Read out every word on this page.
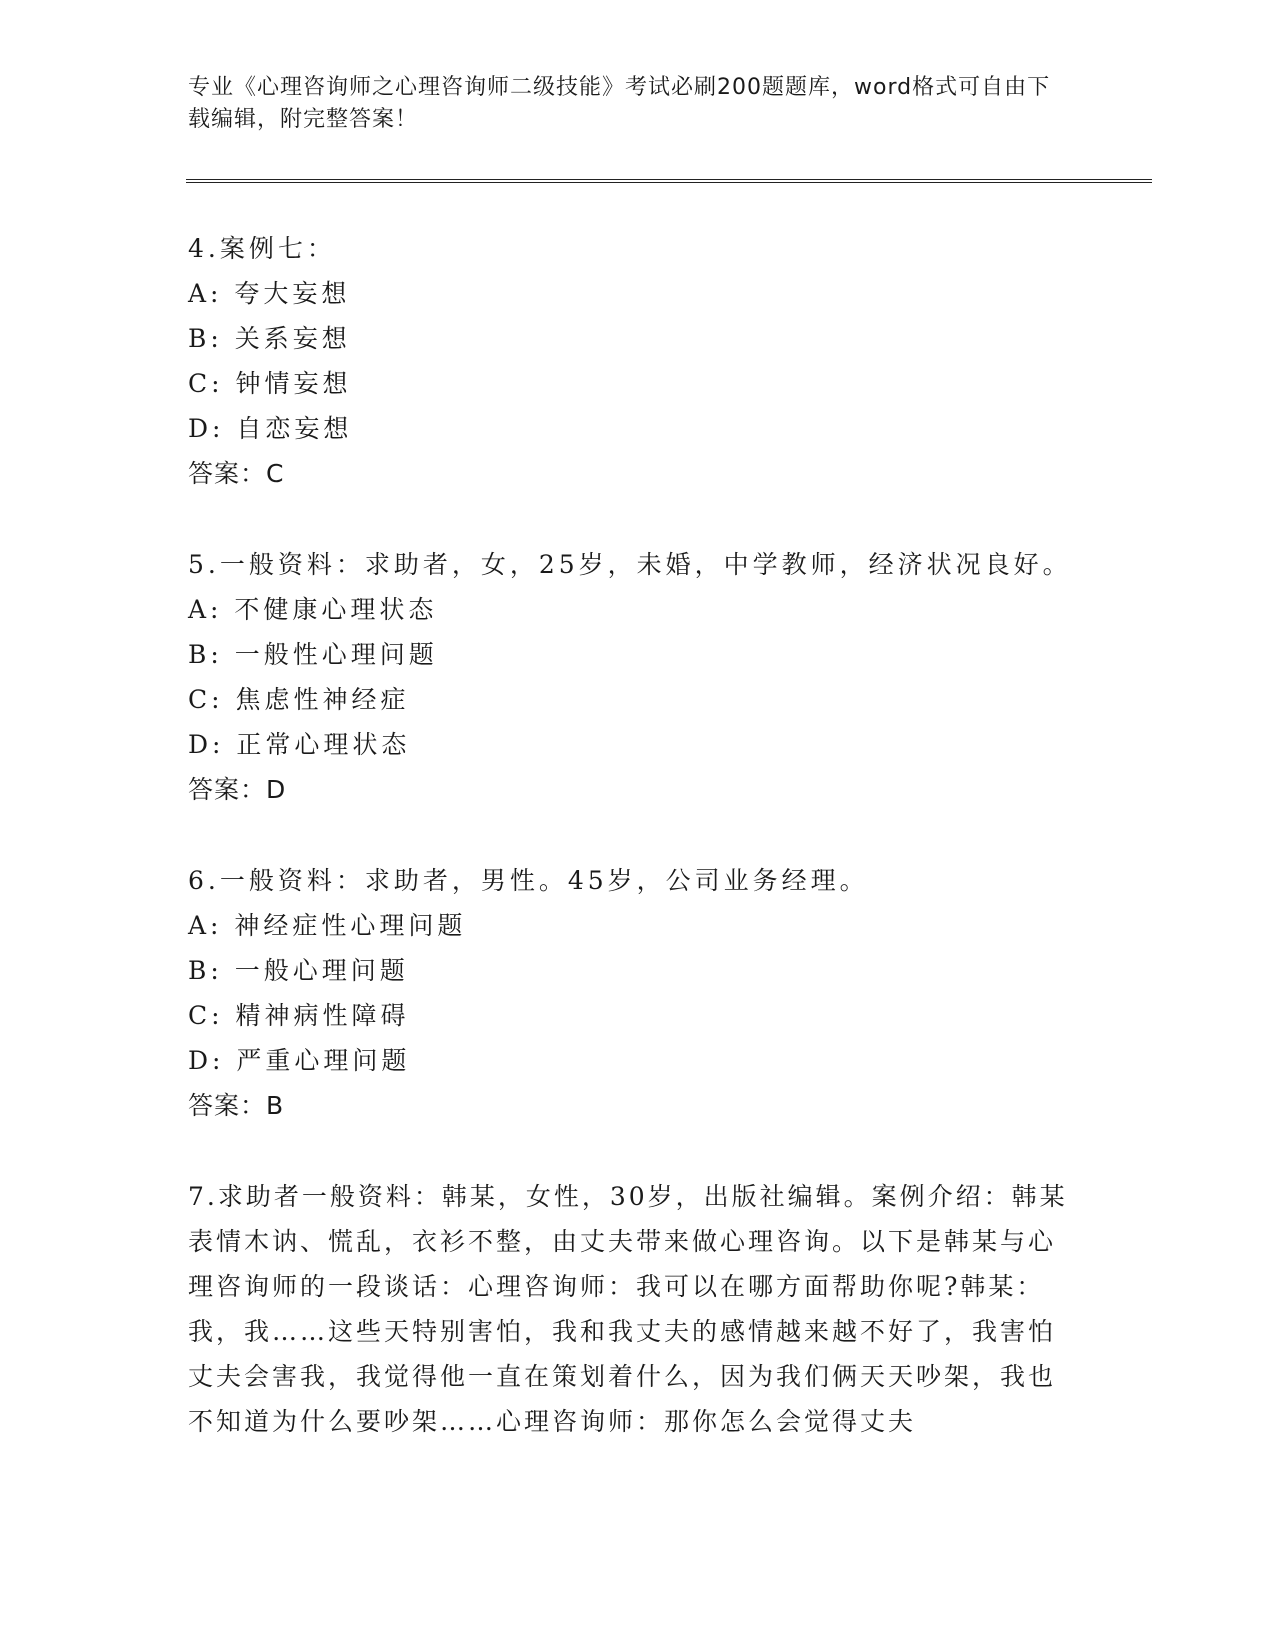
专业《心理咨询师之心理咨询师二级技能》考试必刷200题题库，word格式可自由下载编辑，附完整答案！
4.案例七：
A: 夸大妄想
B: 关系妄想
C: 钟情妄想
D: 自恋妄想
答案：C
5.一般资料：求助者，女，25岁，未婚，中学教师，经济状况良好。
A: 不健康心理状态
B: 一般性心理问题
C: 焦虑性神经症
D: 正常心理状态
答案：D
6.一般资料：求助者，男性。45岁，公司业务经理。
A: 神经症性心理问题
B: 一般心理问题
C: 精神病性障碍
D: 严重心理问题
答案：B
7.求助者一般资料：韩某，女性，30岁，出版社编辑。案例介绍：韩某表情木讷、慌乱，衣衫不整，由丈夫带来做心理咨询。以下是韩某与心理咨询师的一段谈话：心理咨询师：我可以在哪方面帮助你呢?韩某：我，我……这些天特别害怕，我和我丈夫的感情越来越不好了，我害怕丈夫会害我，我觉得他一直在策划着什么，因为我们俩天天吵架，我也不知道为什么要吵架……心理咨询师：那你怎么会觉得丈夫
